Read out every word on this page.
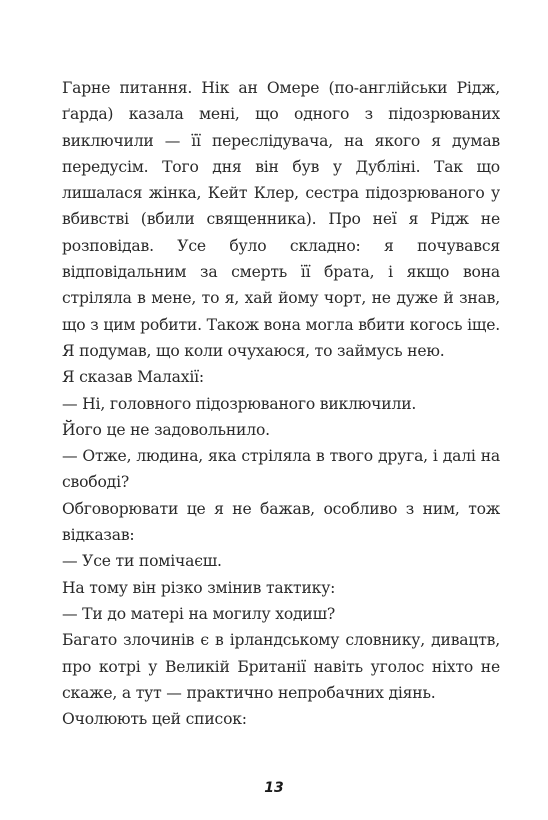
Гарне питання. Нік ан Омере (по-англійськи Рідж, ґарда) казала мені, що одного з підозрюваних виключили — її переслідувача, на якого я думав передусім. Того дня він був у Дубліні. Так що лишалася жінка, Кейт Клер, сестра підозрюваного у вбивстві (вбили священника). Про неї я Рідж не розповідав. Усе було складно: я почувався відповідальним за смерть її брата, і якщо вона стріляла в мене, то я, хай йому чорт, не дуже й знав, що з цим робити. Також вона могла вбити когось іще. Я подумав, що коли очухаюся, то займусь нею.

Я сказав Малахії:

— Ні, головного підозрюваного виключили.

Його це не задовольнило.

— Отже, людина, яка стріляла в твого друга, і далі на свободі?

Обговорювати це я не бажав, особливо з ним, тож відказав:

— Усе ти помічаєш.

На тому він різко змінив тактику:

— Ти до матері на могилу ходиш?

Багато злочинів є в ірландському словнику, дивацтв, про котрі у Великій Британії навіть уголос ніхто не скаже, а тут — практично непробачних діянь.

Очолюють цей список:

13
